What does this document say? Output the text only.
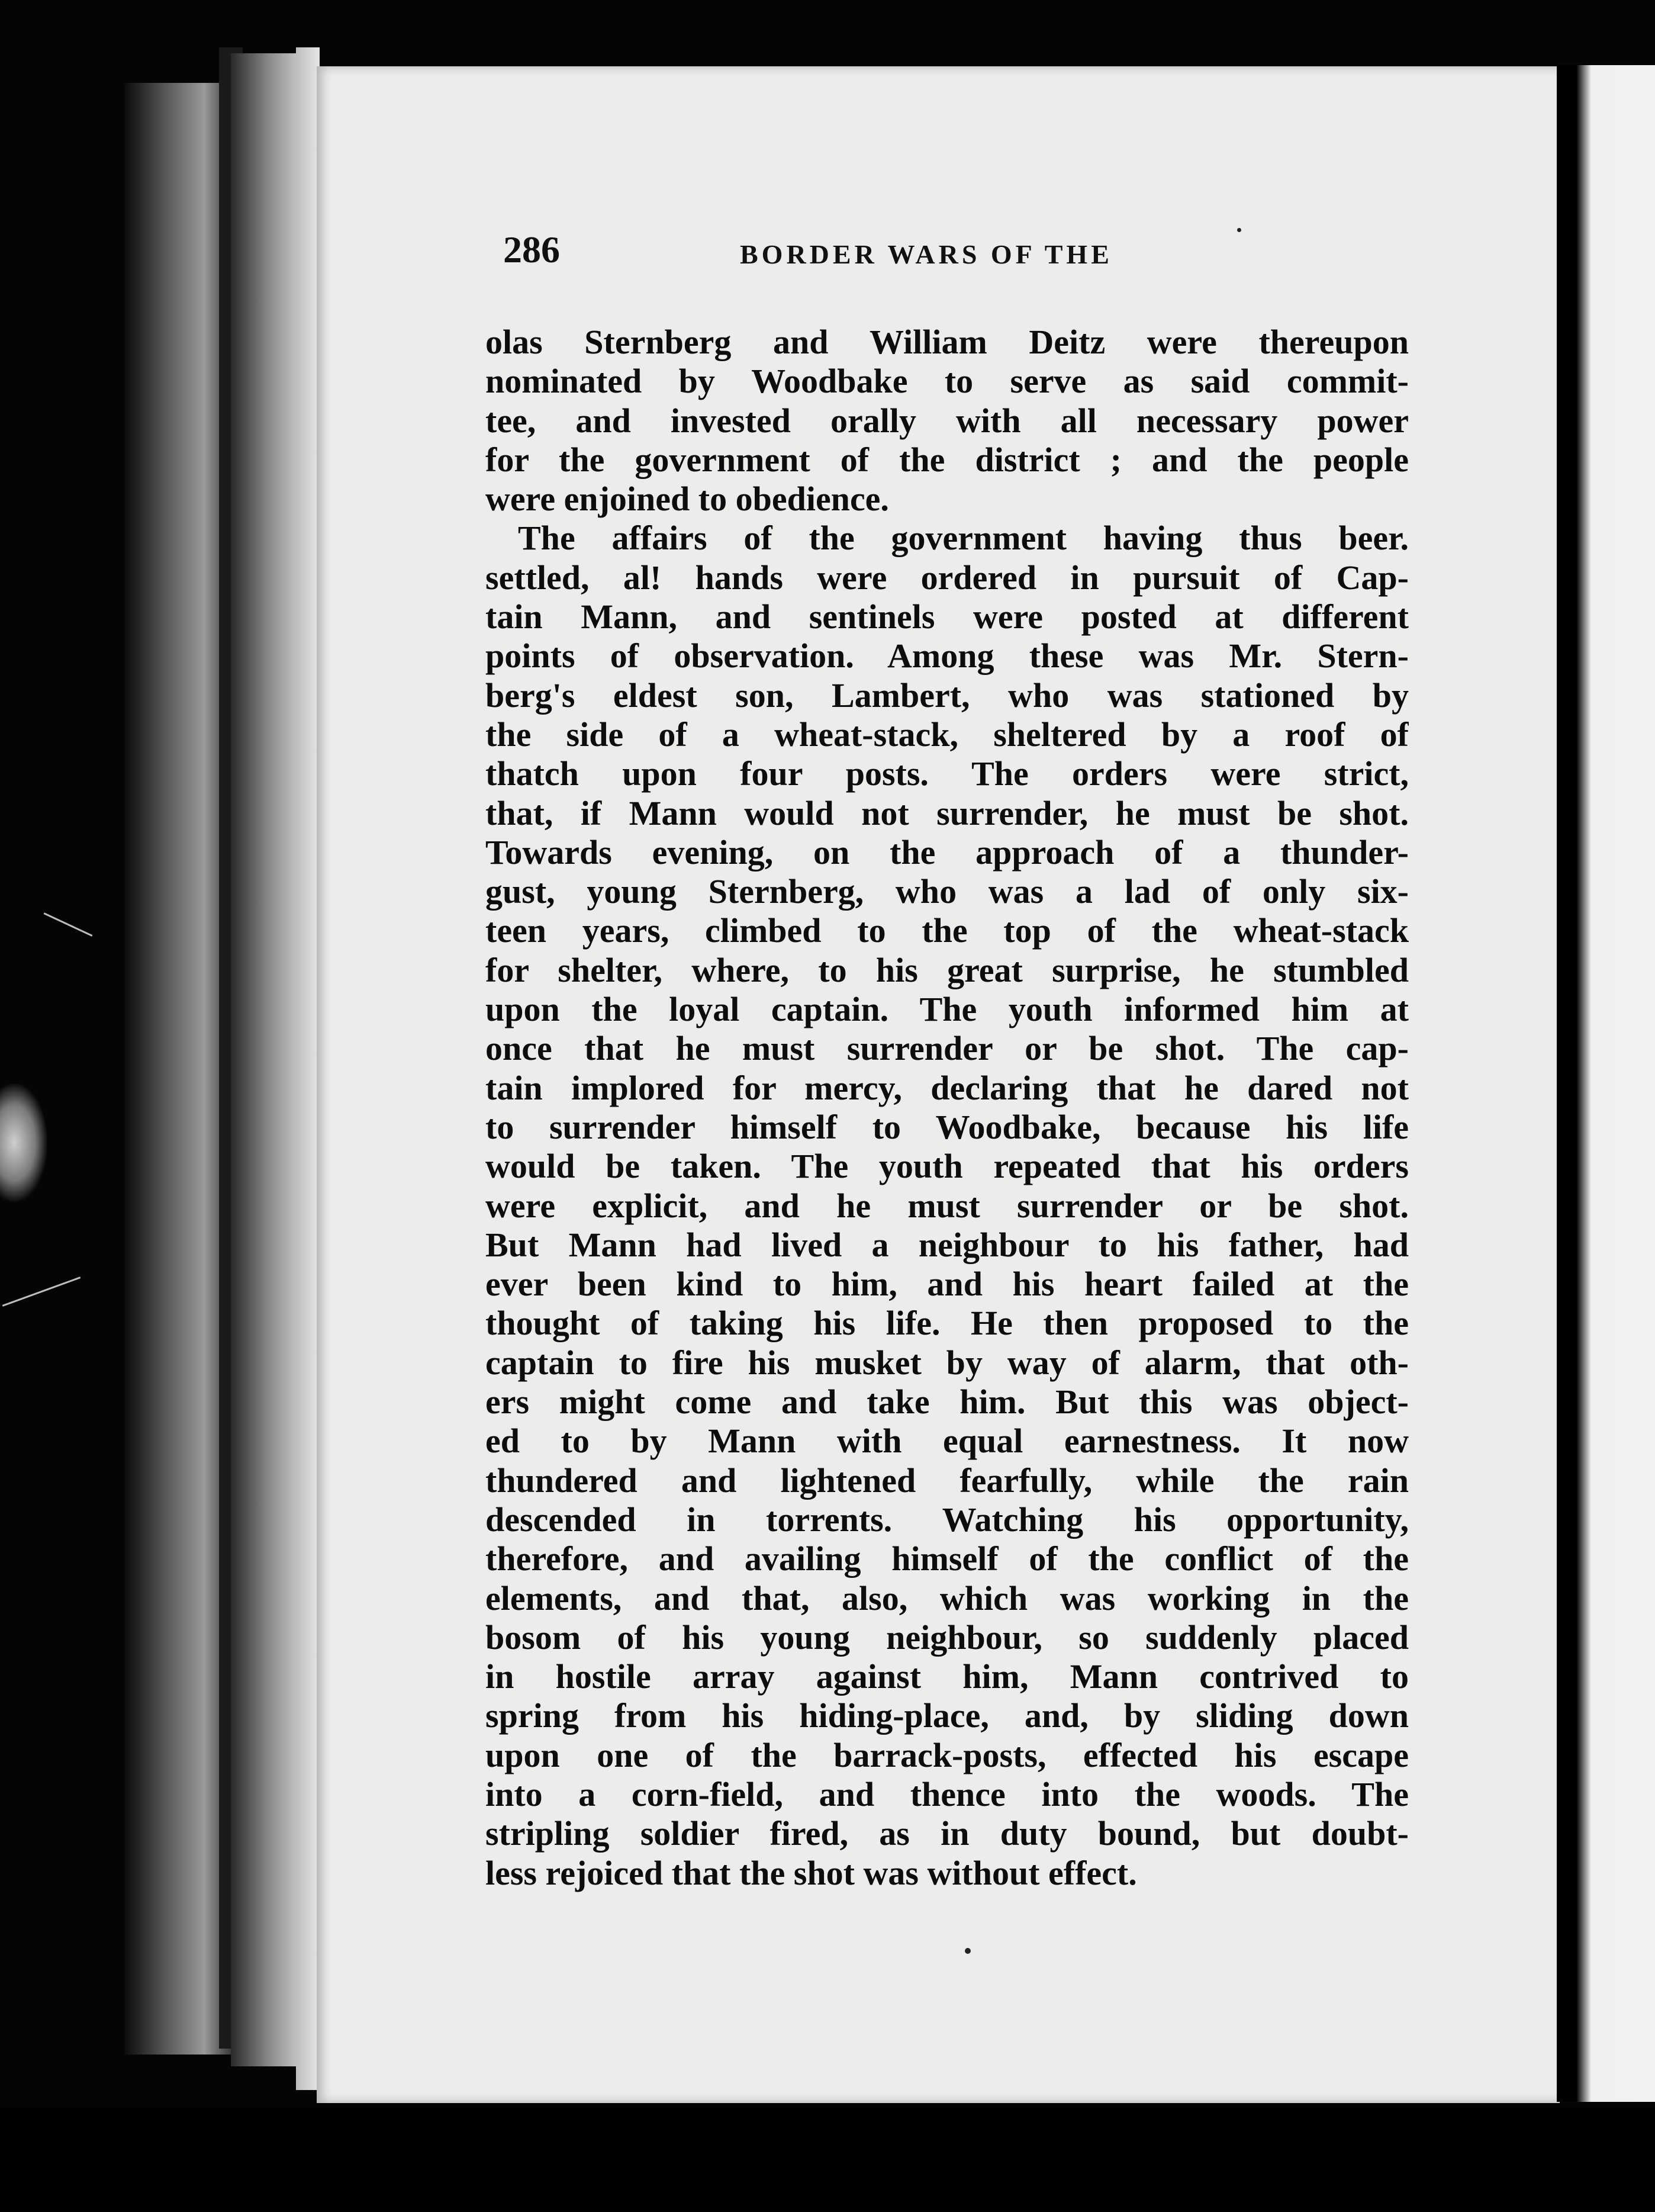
286	BORDER WARS OF THE
olas Sternberg and William Deitz were thereupon
nominated by Woodbake to serve as said commit-
tee, and invested orally with all necessary power
for the government of the district ; and the people
were enjoined to obedience.
The affairs of the government having thus beer.
settled, al! hands were ordered in pursuit of Cap-
tain Mann, and sentinels were posted at different
points of observation. Among these was Mr. Stern-
berg's eldest son, Lambert, who was stationed by
the side of a wheat-stack, sheltered by a roof of
thatch upon four posts. The orders were strict,
that, if Mann would not surrender, he must be shot.
Towards evening, on the approach of a thunder-
gust, young Sternberg, who was a lad of only six-
teen years, climbed to the top of the wheat-stack
for shelter, where, to his great surprise, he stumbled
upon the loyal captain. The youth informed him at
once that he must surrender or be shot. The cap-
tain implored for mercy, declaring that he dared not
to surrender himself to Woodbake, because his life
would be taken. The youth repeated that his orders
were explicit, and he must surrender or be shot.
But Mann had lived a neighbour to his father, had
ever been kind to him, and his heart failed at the
thought of taking his life. He then proposed to the
captain to fire his musket by way of alarm, that oth-
ers might come and take him. But this was object-
ed to by Mann with equal earnestness. It now
thundered and lightened fearfully, while the rain
descended in torrents. Watching his opportunity,
therefore, and availing himself of the conflict of the
elements, and that, also, which was working in the
bosom of his young neighbour, so suddenly placed
in hostile array against him, Mann contrived to
spring from his hiding-place, and, by sliding down
upon one of the barrack-posts, effected his escape
into a corn-field, and thence into the woods. The
stripling soldier fired, as in duty bound, but doubt-
less rejoiced that the shot was without effect.
